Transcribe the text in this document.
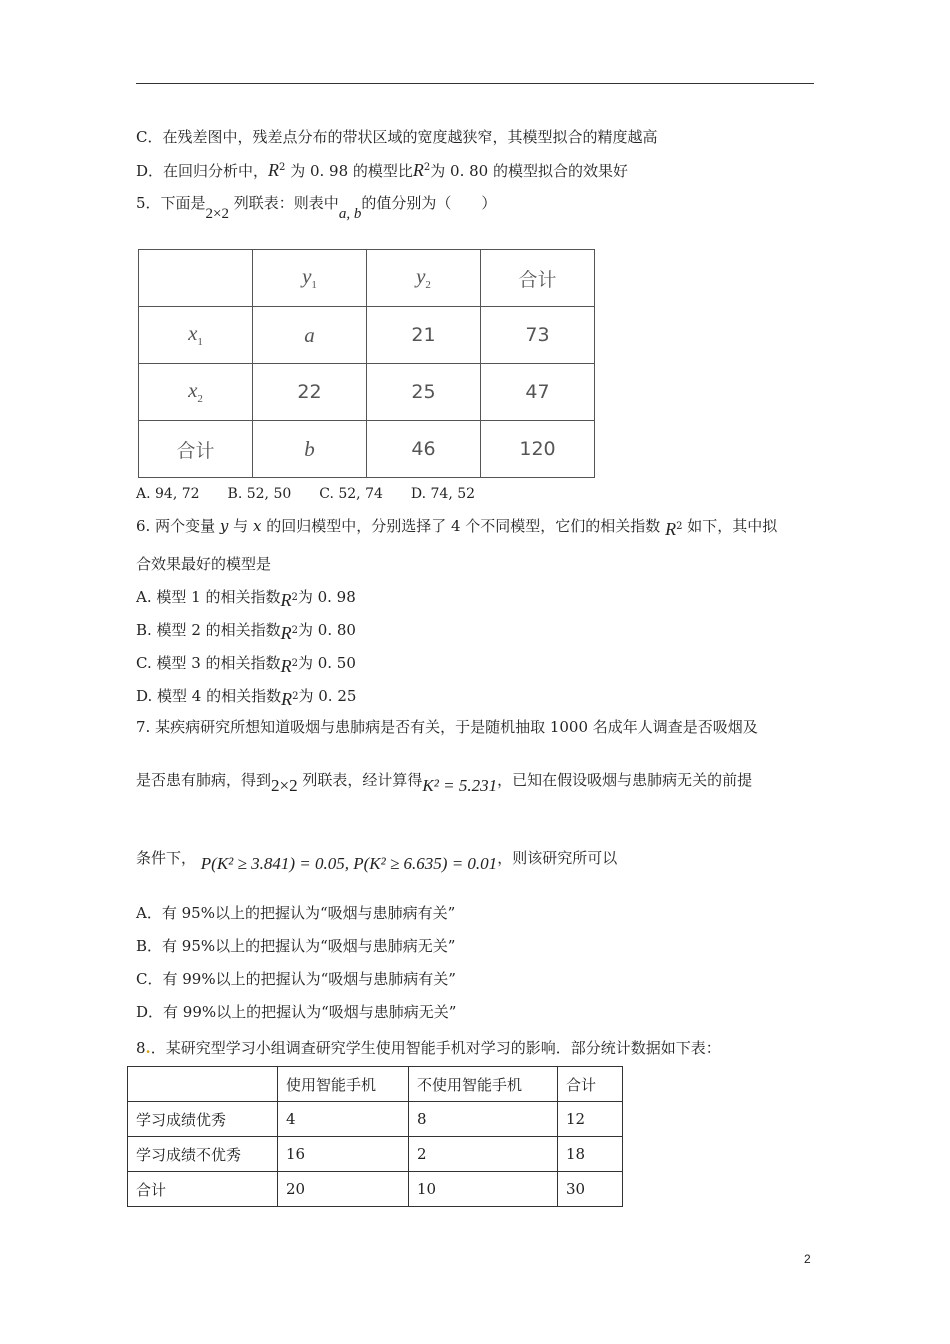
C．在残差图中，残差点分布的带状区域的宽度越狭窄，其模型拟合的精度越高
D．在回归分析中，$R^2$ 为 0. 98 的模型比$R^2$为 0. 80 的模型拟合的效果好
5．下面是2×2 列联表：则表中a, b的值分别为（　　）
	$y_1$	$y_2$	合计
$x_1$	a	21	73
$x_2$	22	25	47
合计	b	46	120
A. 94, 72　　B. 52, 50　　C. 52, 74　　D. 74, 52
6. 两个变量 y 与 x 的回归模型中，分别选择了 4 个不同模型，它们的相关指数 $R^2$ 如下，其中拟
合效果最好的模型是
A. 模型 1 的相关指数$R^2$为 0. 98
B. 模型 2 的相关指数$R^2$为 0. 80
C. 模型 3 的相关指数$R^2$为 0. 50
D. 模型 4 的相关指数$R^2$为 0. 25
7. 某疾病研究所想知道吸烟与患肺病是否有关，于是随机抽取 1000 名成年人调查是否吸烟及
是否患有肺病，得到2×2 列联表，经计算得K² = 5.231，已知在假设吸烟与患肺病无关的前提
条件下， P(K² ≥ 3.841) = 0.05, P(K² ≥ 6.635) = 0.01，则该研究所可以
A．有 95%以上的把握认为“吸烟与患肺病有关”
B．有 95%以上的把握认为“吸烟与患肺病无关”
C．有 99%以上的把握认为“吸烟与患肺病有关”
D．有 99%以上的把握认为“吸烟与患肺病无关”
8.．某研究型学习小组调查研究学生使用智能手机对学习的影响．部分统计数据如下表：
	使用智能手机	不使用智能手机	合计
学习成绩优秀	4	8	12
学习成绩不优秀	16	2	18
合计	20	10	30
2
